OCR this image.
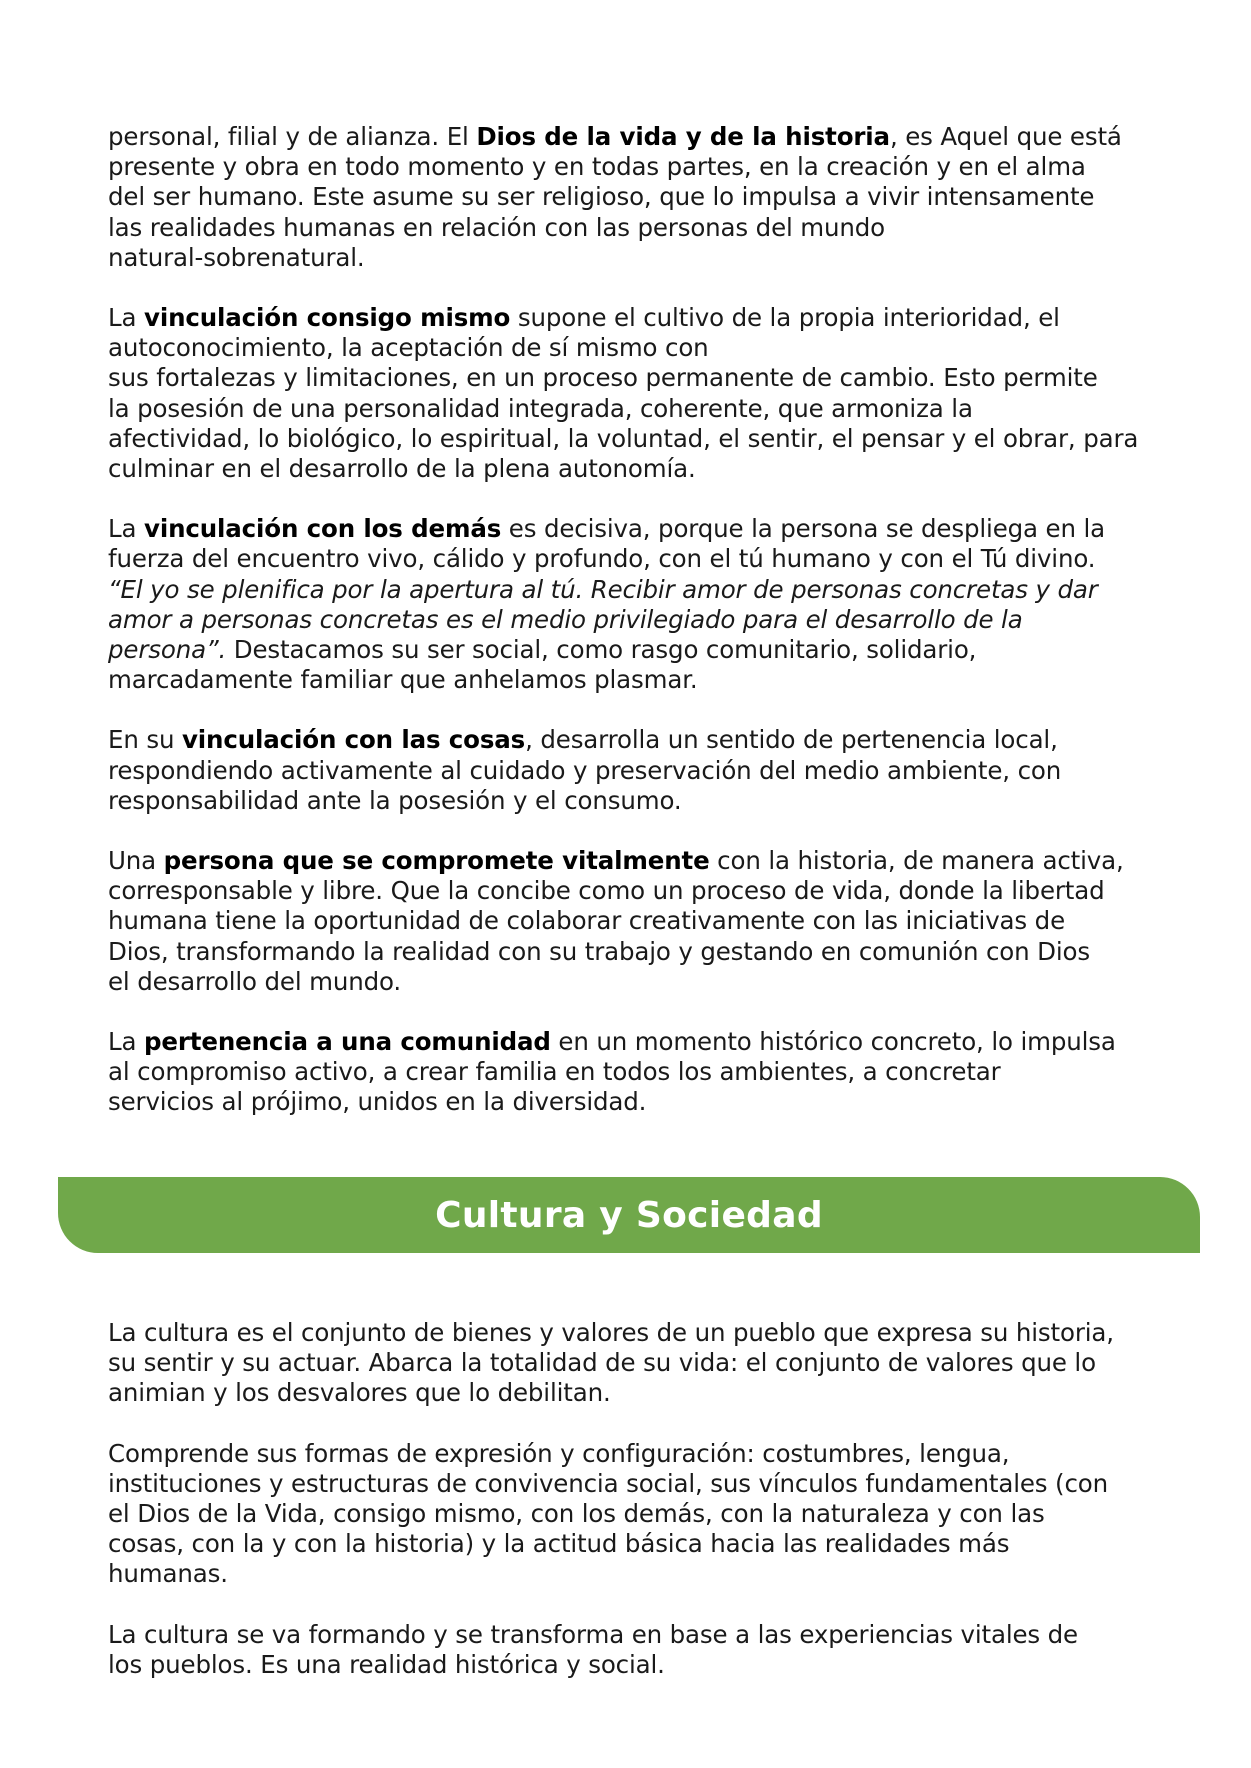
personal, filial y de alianza. El Dios de la vida y de la historia, es Aquel que está
presente y obra en todo momento y en todas partes, en la creación y en el alma
del ser humano. Este asume su ser religioso, que lo impulsa a vivir intensamente
las realidades humanas en relación con las personas del mundo
natural-sobrenatural.

La vinculación consigo mismo supone el cultivo de la propia interioridad, el
autoconocimiento, la aceptación de sí mismo con
sus fortalezas y limitaciones, en un proceso permanente de cambio. Esto permite
la posesión de una personalidad integrada, coherente, que armoniza la
afectividad, lo biológico, lo espiritual, la voluntad, el sentir, el pensar y el obrar, para
culminar en el desarrollo de la plena autonomía.

La vinculación con los demás es decisiva, porque la persona se despliega en la
fuerza del encuentro vivo, cálido y profundo, con el tú humano y con el Tú divino.
“El yo se plenifica por la apertura al tú. Recibir amor de personas concretas y dar
amor a personas concretas es el medio privilegiado para el desarrollo de la
persona”. Destacamos su ser social, como rasgo comunitario, solidario,
marcadamente familiar que anhelamos plasmar.

En su vinculación con las cosas, desarrolla un sentido de pertenencia local,
respondiendo activamente al cuidado y preservación del medio ambiente, con
responsabilidad ante la posesión y el consumo.

Una persona que se compromete vitalmente con la historia, de manera activa,
corresponsable y libre. Que la concibe como un proceso de vida, donde la libertad
humana tiene la oportunidad de colaborar creativamente con las iniciativas de
Dios, transformando la realidad con su trabajo y gestando en comunión con Dios
el desarrollo del mundo.

La pertenencia a una comunidad en un momento histórico concreto, lo impulsa
al compromiso activo, a crear familia en todos los ambientes, a concretar
servicios al prójimo, unidos en la diversidad.

Cultura y Sociedad

La cultura es el conjunto de bienes y valores de un pueblo que expresa su historia,
su sentir y su actuar. Abarca la totalidad de su vida: el conjunto de valores que lo
animian y los desvalores que lo debilitan.

Comprende sus formas de expresión y configuración: costumbres, lengua,
instituciones y estructuras de convivencia social, sus vínculos fundamentales (con
el Dios de la Vida, consigo mismo, con los demás, con la naturaleza y con las
cosas, con la y con la historia) y la actitud básica hacia las realidades más
humanas.

La cultura se va formando y se transforma en base a las experiencias vitales de
los pueblos. Es una realidad histórica y social.
